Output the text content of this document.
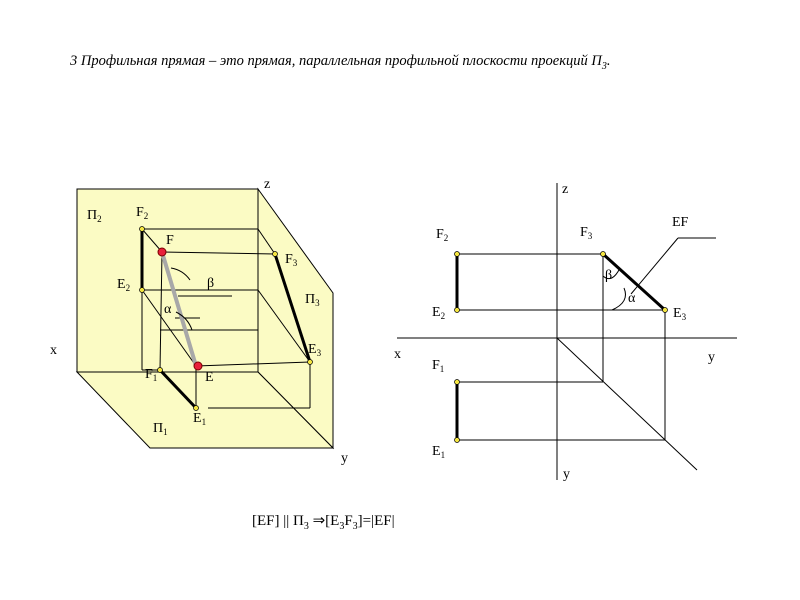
3 Профильная прямая – это прямая, параллельная профильной плоскости проекций $П_3$.
z
x
y
$П_2$
$П_3$
$П_1$
$F_2$
$E_2$
$F_3$
$E_3$
$F_1$
$E_1$
F
E
β
α
z
x	y
y
$F_2$
$E_2$
$F_3$
$E_3$
$F_1$
$E_1$
EF
β
α
[EF] || $П_3$ $\Rightarrow[E_3F_3]=|EF|$
